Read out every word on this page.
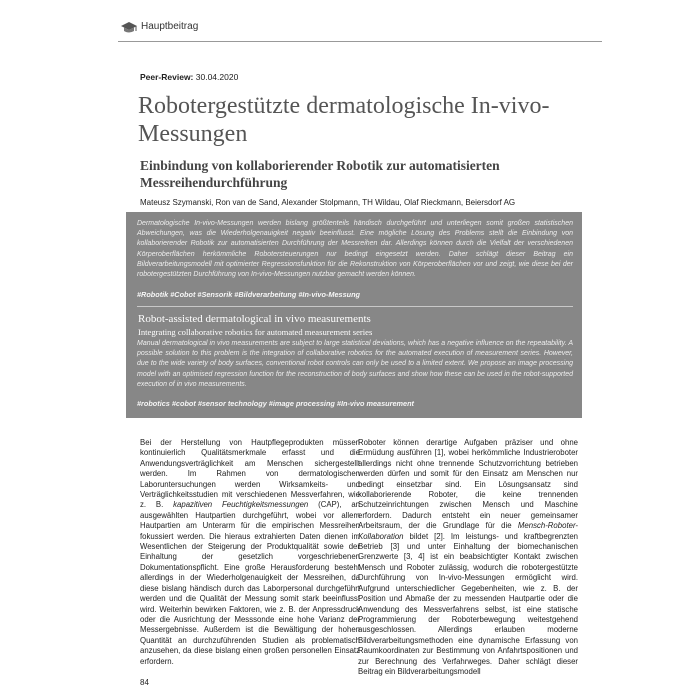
Hauptbeitrag
Peer-Review: 30.04.2020
Robotergestützte dermatologische In-vivo-Messungen
Einbindung von kollaborierender Robotik zur automatisierten Messreihendurchführung
Mateusz Szymanski, Ron van de Sand, Alexander Stolpmann, TH Wildau, Olaf Rieckmann, Beiersdorf AG

Dermatologische In-vivo-Messungen werden bislang größtenteils händisch durchgeführt und unterliegen somit großen statistischen Abweichungen, was die Wiederholgenauigkeit negativ beeinflusst. Eine mögliche Lösung des Problems stellt die Einbindung von kollaborierender Robotik zur automatisierten Durchführung der Messreihen dar. Allerdings können durch die Vielfalt der verschiedenen Körperoberflächen herkömmliche Robotersteuerungen nur bedingt eingesetzt werden. Daher schlägt dieser Beitrag ein Bildverarbeitungsmodell mit optimierter Regressionsfunktion für die Rekonstruktion von Körperoberflächen vor und zeigt, wie diese bei der robotergestützten Durchführung von In-vivo-Messungen nutzbar gemacht werden können.

#Robotik #Cobot #Sensorik #Bildverarbeitung #In-vivo-Messung
Robot-assisted dermatological in vivo measurements
Integrating collaborative robotics for automated measurement series

Manual dermatological in vivo measurements are subject to large statistical deviations, which has a negative influence on the repeatability. A possible solution to this problem is the integration of collaborative robotics for the automated execution of measurement series. However, due to the wide variety of body surfaces, conventional robot controls can only be used to a limited extent. We propose an image processing model with an optimised regression function for the reconstruction of body surfaces and show how these can be used in the robot-supported execution of in vivo measurements.

#robotics #cobot #sensor technology #image processing #In-vivo measurement

Bei der Herstellung von Hautpflegeprodukten müssen kontinuierlich Qualitätsmerkmale erfasst und die Anwendungsverträglichkeit am Menschen sichergestellt werden. Im Rahmen von dermatologischen Laboruntersuchungen werden Wirksamkeits- und Verträglichkeitsstudien mit verschiedenen Messverfahren, wie z. B. kapazitiven Feuchtigkeitsmessungen (CAP), an ausgewählten Hautpartien durchgeführt, wobei vor allem Hautpartien am Unterarm für die empirischen Messreihen fokussiert werden. Die hieraus extrahierten Daten dienen im Wesentlichen der Steigerung der Produktqualität sowie der Einhaltung der gesetzlich vorgeschriebenen Dokumentationspflicht. Eine große Herausforderung besteht allerdings in der Wiederholgenauigkeit der Messreihen, da diese bislang händisch durch das Laborpersonal durchgeführt werden und die Qualität der Messung somit stark beeinflusst wird. Weiterhin bewirken Faktoren, wie z. B. der Anpressdruck oder die Ausrichtung der Messsonde eine hohe Varianz der Messergebnisse. Außerdem ist die Bewältigung der hohen Quantität an durchzuführenden Studien als problematisch anzusehen, da diese bislang einen großen personellen Einsatz erfordern.

Roboter können derartige Aufgaben präziser und ohne Ermüdung ausführen [1], wobei herkömmliche Industrieroboter allerdings nicht ohne trennende Schutzvorrichtung betrieben werden dürfen und somit für den Einsatz am Menschen nur bedingt einsetzbar sind. Ein Lösungsansatz sind kollaborierende Roboter, die keine trennenden Schutzeinrichtungen zwischen Mensch und Maschine erfordern. Dadurch entsteht ein neuer gemeinsamer Arbeitsraum, der die Grundlage für die Mensch-Roboter-Kollaboration bildet [2]. Im leistungs- und kraftbegrenzten Betrieb [3] und unter Einhaltung der biomechanischen Grenzwerte [3, 4] ist ein beabsichtigter Kontakt zwischen Mensch und Roboter zulässig, wodurch die robotergestützte Durchführung von In-vivo-Messungen ermöglicht wird. Aufgrund unterschiedlicher Gegebenheiten, wie z. B. der Position und Abmaße der zu messenden Hautpartie oder die Anwendung des Messverfahrens selbst, ist eine statische Programmierung der Roboterbewegung weitestgehend ausgeschlossen. Allerdings erlauben moderne Bildverarbeitungsmethoden eine dynamische Erfassung von Raumkoordinaten zur Bestimmung von Anfahrtspositionen und zur Berechnung des Verfahrweges. Daher schlägt dieser Beitrag ein Bildverarbeitungsmodell

84
